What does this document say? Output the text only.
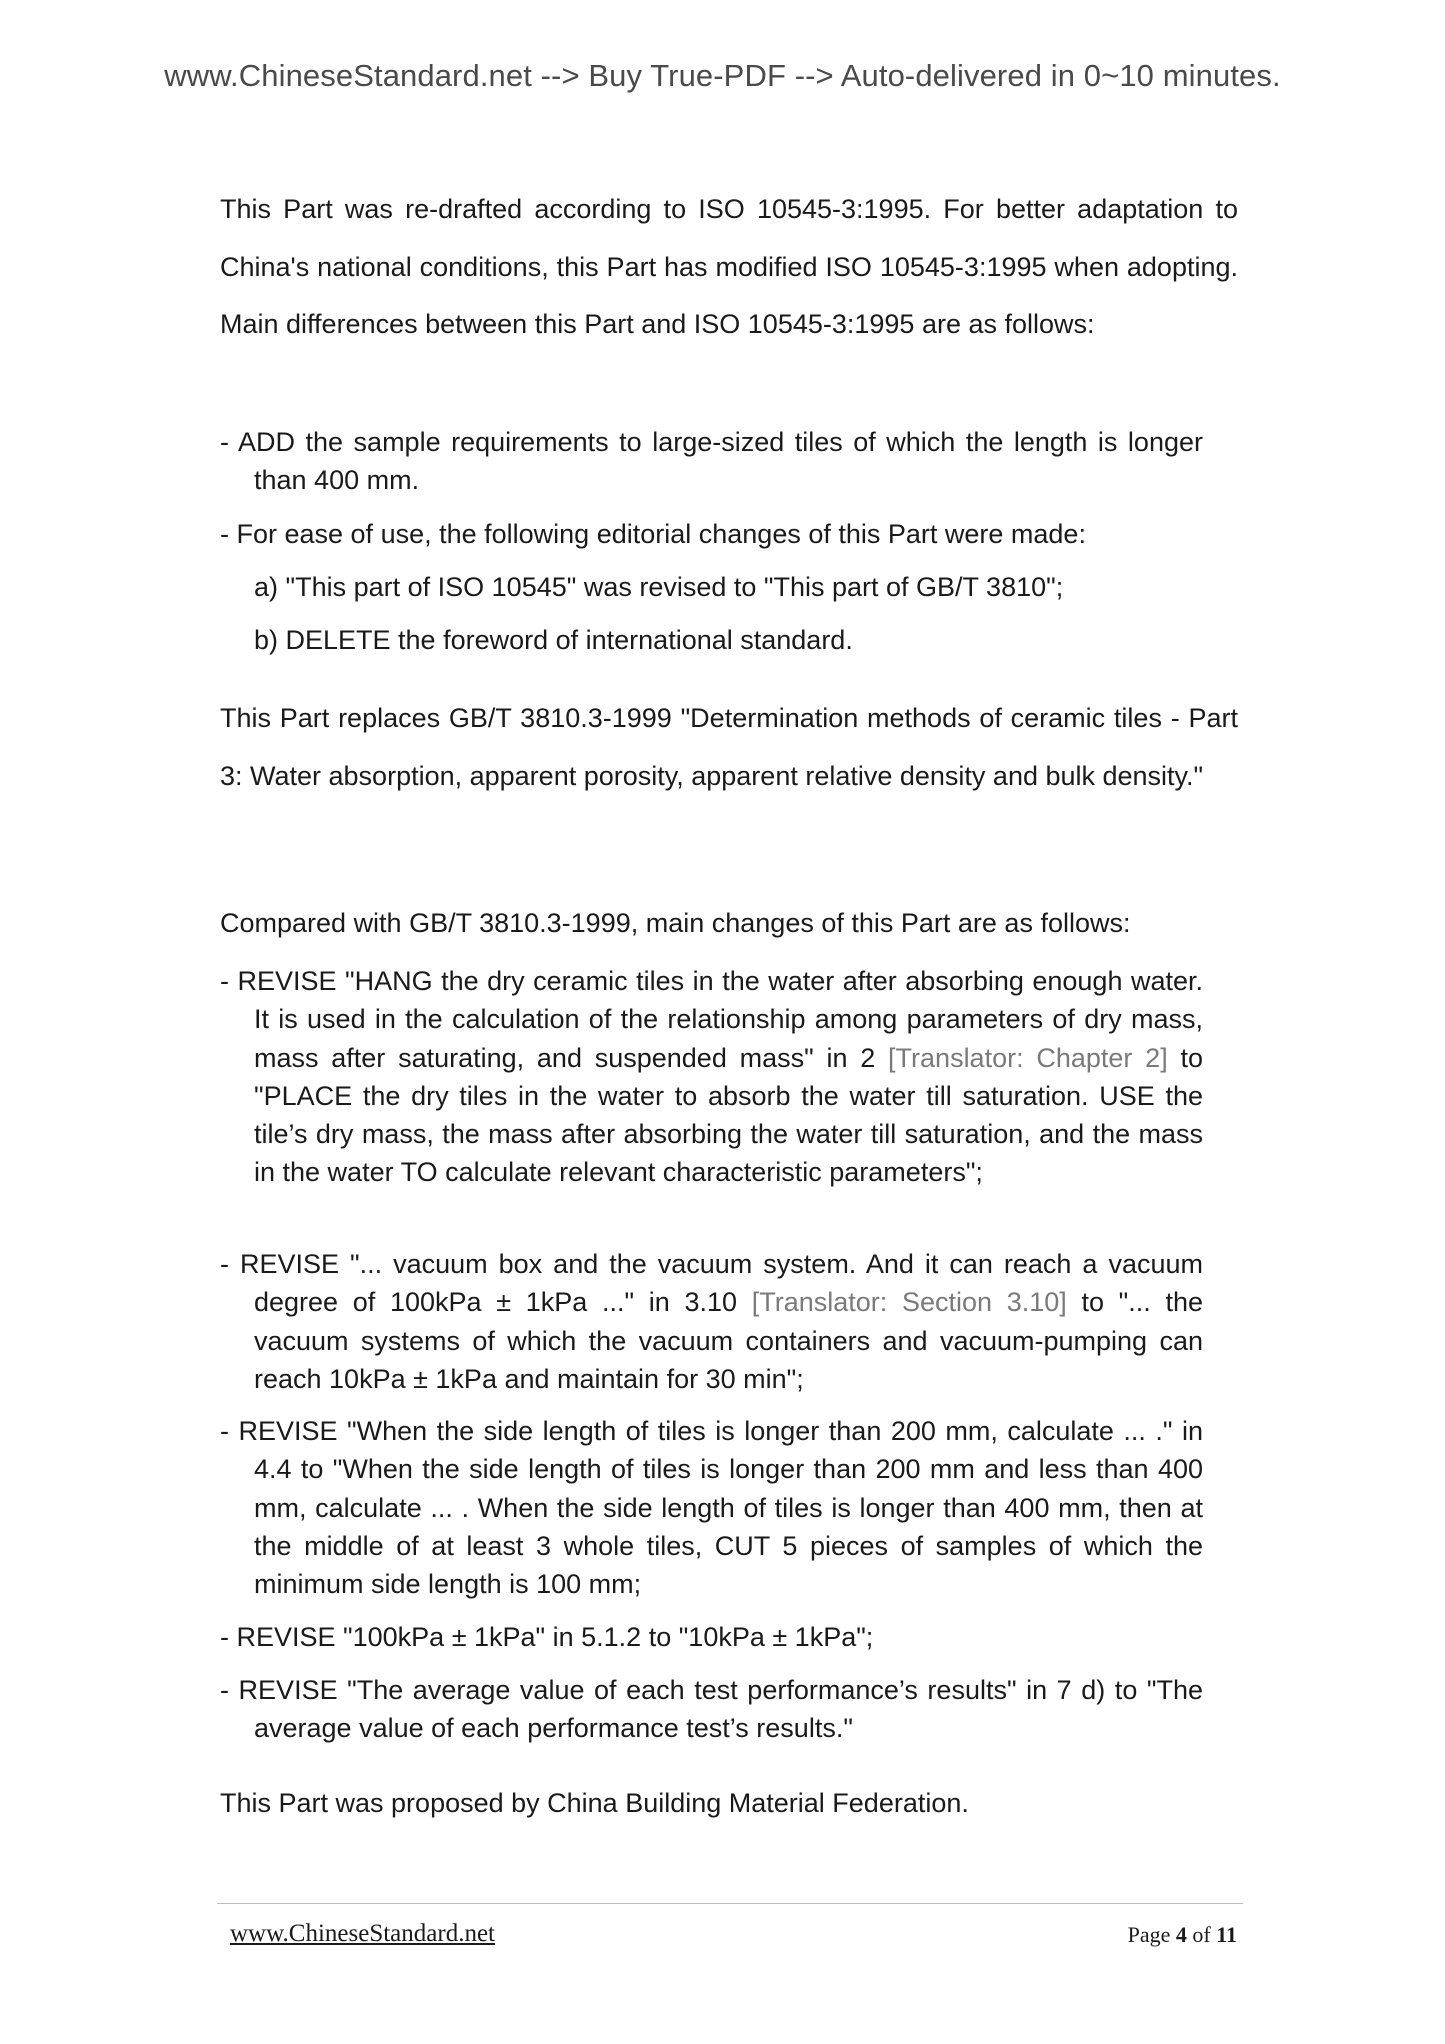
www.ChineseStandard.net --> Buy True-PDF --> Auto-delivered in 0~10 minutes.

This Part was re-drafted according to ISO 10545-3:1995. For better adaptation to China's national conditions, this Part has modified ISO 10545-3:1995 when adopting. Main differences between this Part and ISO 10545-3:1995 are as follows:

- ADD the sample requirements to large-sized tiles of which the length is longer than 400 mm.
- For ease of use, the following editorial changes of this Part were made:
a) "This part of ISO 10545" was revised to "This part of GB/T 3810";
b) DELETE the foreword of international standard.

This Part replaces GB/T 3810.3-1999 "Determination methods of ceramic tiles - Part 3: Water absorption, apparent porosity, apparent relative density and bulk density."

Compared with GB/T 3810.3-1999, main changes of this Part are as follows:

- REVISE "HANG the dry ceramic tiles in the water after absorbing enough water. It is used in the calculation of the relationship among parameters of dry mass, mass after saturating, and suspended mass" in 2 [Translator: Chapter 2] to "PLACE the dry tiles in the water to absorb the water till saturation. USE the tile’s dry mass, the mass after absorbing the water till saturation, and the mass in the water TO calculate relevant characteristic parameters";
- REVISE "... vacuum box and the vacuum system. And it can reach a vacuum degree of 100kPa ± 1kPa ..." in 3.10 [Translator: Section 3.10] to "... the vacuum systems of which the vacuum containers and vacuum-pumping can reach 10kPa ± 1kPa and maintain for 30 min";
- REVISE "When the side length of tiles is longer than 200 mm, calculate ... ." in 4.4 to "When the side length of tiles is longer than 200 mm and less than 400 mm, calculate ... . When the side length of tiles is longer than 400 mm, then at the middle of at least 3 whole tiles, CUT 5 pieces of samples of which the minimum side length is 100 mm;
- REVISE "100kPa ± 1kPa" in 5.1.2 to "10kPa ± 1kPa";
- REVISE "The average value of each test performance’s results" in 7 d) to "The average value of each performance test’s results."

This Part was proposed by China Building Material Federation.

www.ChineseStandard.net	Page 4 of 11
